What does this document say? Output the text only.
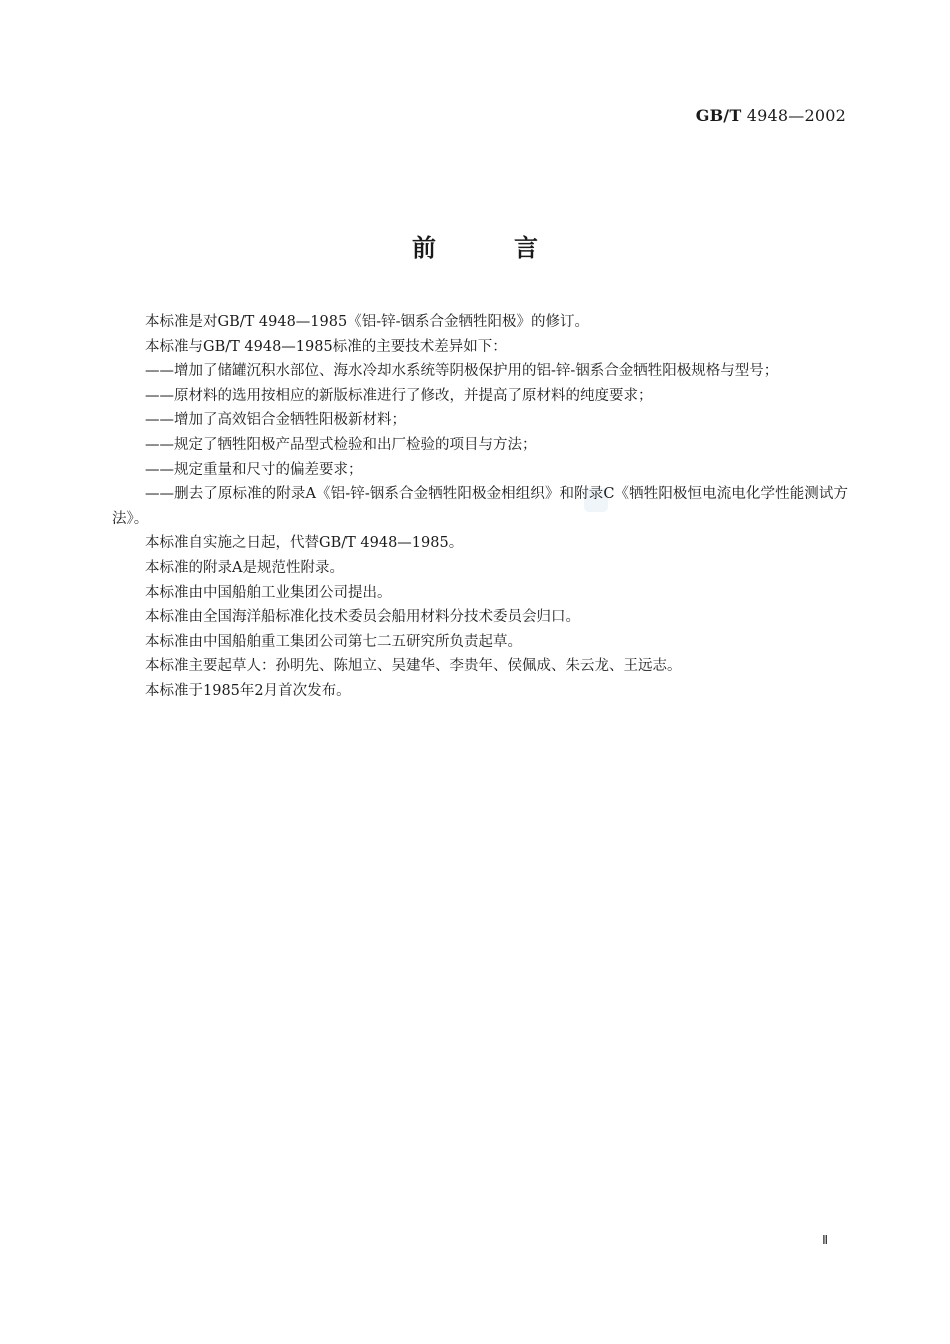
GB/T 4948—2002
前	言

本标准是对GB/T 4948—1985《铝-锌-铟系合金牺牲阳极》的修订。

本标准与GB/T 4948—1985标准的主要技术差异如下：

——增加了储罐沉积水部位、海水冷却水系统等阴极保护用的铝-锌-铟系合金牺牲阳极规格与型号；

——原材料的选用按相应的新版标准进行了修改，并提高了原材料的纯度要求；

——增加了高效铝合金牺牲阳极新材料；

——规定了牺牲阳极产品型式检验和出厂检验的项目与方法；

——规定重量和尺寸的偏差要求；

——删去了原标准的附录A《铝-锌-铟系合金牺牲阳极金相组织》和附录C《牺牲阳极恒电流电化学性能测试方法》。

本标准自实施之日起，代替GB/T 4948—1985。

本标准的附录A是规范性附录。

本标准由中国船舶工业集团公司提出。

本标准由全国海洋船标准化技术委员会船用材料分技术委员会归口。

本标准由中国船舶重工集团公司第七二五研究所负责起草。

本标准主要起草人：孙明先、陈旭立、吴建华、李贵年、侯佩成、朱云龙、王远志。

本标准于1985年2月首次发布。

Ⅱ
